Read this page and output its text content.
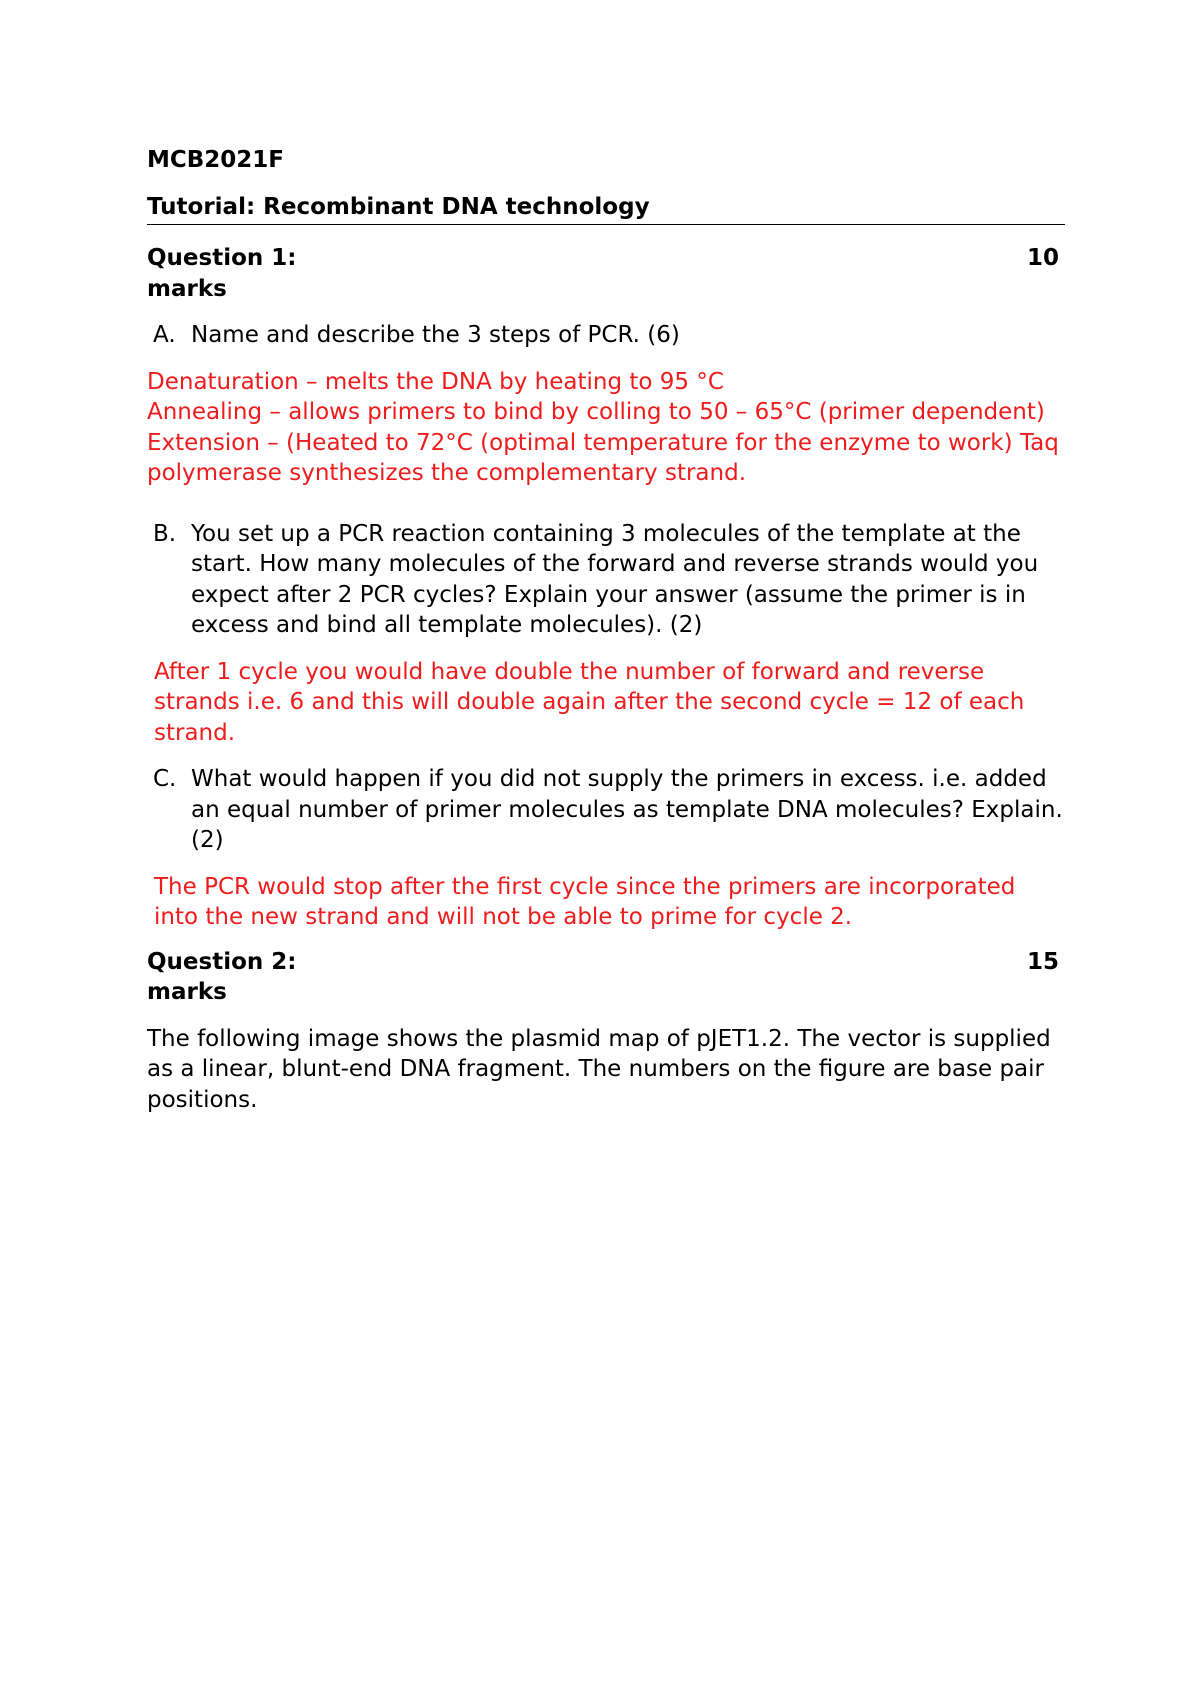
MCB2021F

Tutorial: Recombinant DNA technology

Question 1:	10
marks

A. Name and describe the 3 steps of PCR. (6)

Denaturation – melts the DNA by heating to 95 °C
Annealing – allows primers to bind by colling to 50 – 65°C (primer dependent)
Extension – (Heated to 72°C (optimal temperature for the enzyme to work) Taq polymerase synthesizes the complementary strand.

B. You set up a PCR reaction containing 3 molecules of the template at the start. How many molecules of the forward and reverse strands would you expect after 2 PCR cycles? Explain your answer (assume the primer is in excess and bind all template molecules). (2)

After 1 cycle you would have double the number of forward and reverse strands i.e. 6 and this will double again after the second cycle = 12 of each strand.

C. What would happen if you did not supply the primers in excess. i.e. added an equal number of primer molecules as template DNA molecules? Explain. (2)

The PCR would stop after the first cycle since the primers are incorporated into the new strand and will not be able to prime for cycle 2.

Question 2:	15
marks

The following image shows the plasmid map of pJET1.2. The vector is supplied as a linear, blunt-end DNA fragment. The numbers on the figure are base pair positions.
